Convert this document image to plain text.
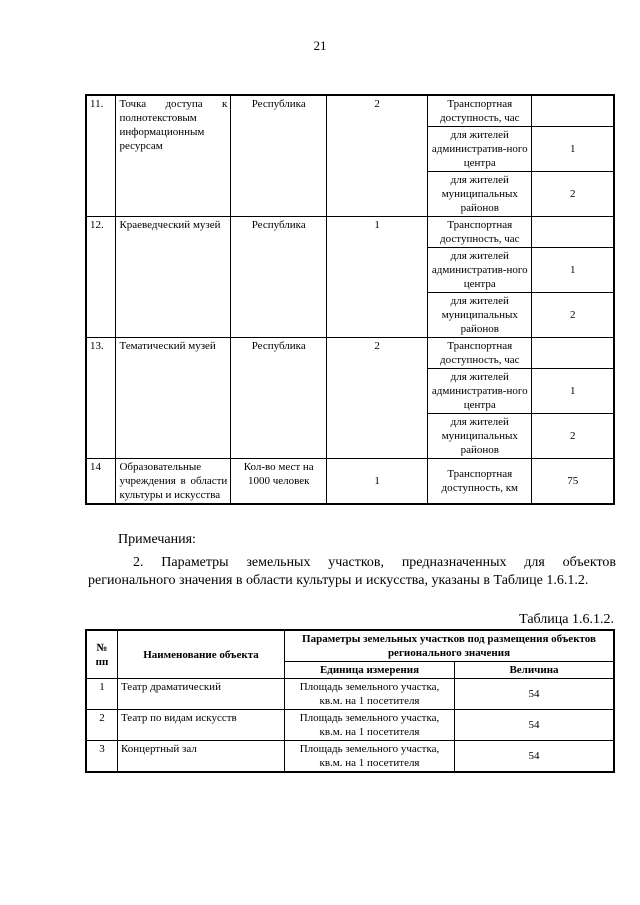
21
11.	Точка доступа к полнотекстовым информационным ресурсам	Республика	2	Транспортная доступность, час	
				для жителей административ-ного центра	1
				для жителей муниципальных районов	2
12.	Краеведческий музей	Республика	1	Транспортная доступность, час	
				для жителей административ-ного центра	1
				для жителей муниципальных районов	2
13.	Тематический музей	Республика	2	Транспортная доступность, час	
				для жителей административ-ного центра	1
				для жителей муниципальных районов	2
14	Образовательные учреждения в области культуры и искусства	Кол-во мест на 1000 человек	1	Транспортная доступность, км	75
Примечания:
2. Параметры земельных участков, предназначенных для объектов регионального значения в области культуры и искусства, указаны в Таблице 1.6.1.2.
Таблица 1.6.1.2.
№ пп	Наименование объекта	Параметры земельных участков под размещения объектов регионального значения	
		Единица измерения	Величина
1	Театр драматический	Площадь земельного участка, кв.м. на 1 посетителя	54
2	Театр по видам искусств	Площадь земельного участка, кв.м. на 1 посетителя	54
3	Концертный зал	Площадь земельного участка, кв.м. на 1 посетителя	54
